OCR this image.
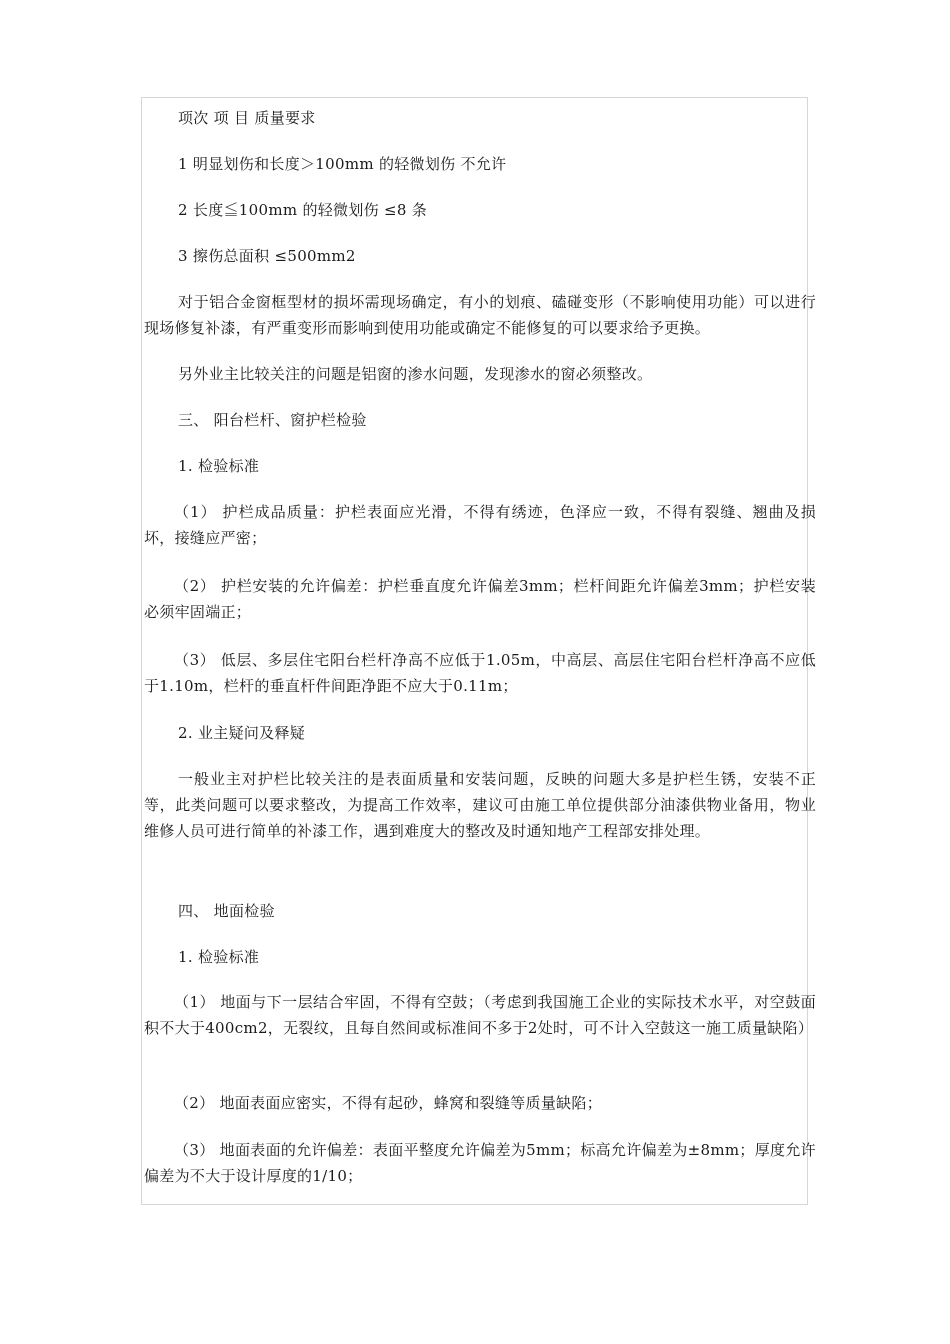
项次 项 目 质量要求
1 明显划伤和长度＞100mm 的轻微划伤 不允许
2 长度≦100mm 的轻微划伤 ≤8 条
3 擦伤总面积 ≤500mm2
对于铝合金窗框型材的损坏需现场确定，有小的划痕、磕碰变形（不影响使用功能）可以进行现场修复补漆，有严重变形而影响到使用功能或确定不能修复的可以要求给予更换。
另外业主比较关注的问题是铝窗的渗水问题，发现渗水的窗必须整改。
三、 阳台栏杆、窗护栏检验
1. 检验标准
（1） 护栏成品质量：护栏表面应光滑，不得有绣迹，色泽应一致，不得有裂缝、翘曲及损坏，接缝应严密；
（2） 护栏安装的允许偏差：护栏垂直度允许偏差3mm；栏杆间距允许偏差3mm；护栏安装必须牢固端正；
（3） 低层、多层住宅阳台栏杆净高不应低于1.05m，中高层、高层住宅阳台栏杆净高不应低于1.10m，栏杆的垂直杆件间距净距不应大于0.11m；
2. 业主疑问及释疑
一般业主对护栏比较关注的是表面质量和安装问题，反映的问题大多是护栏生锈，安装不正等，此类问题可以要求整改，为提高工作效率，建议可由施工单位提供部分油漆供物业备用，物业维修人员可进行简单的补漆工作，遇到难度大的整改及时通知地产工程部安排处理。
四、 地面检验
1. 检验标准
（1） 地面与下一层结合牢固，不得有空鼓；（考虑到我国施工企业的实际技术水平，对空鼓面积不大于400cm2，无裂纹，且每自然间或标准间不多于2处时，可不计入空鼓这一施工质量缺陷）
（2） 地面表面应密实，不得有起砂，蜂窝和裂缝等质量缺陷；
（3） 地面表面的允许偏差：表面平整度允许偏差为5mm；标高允许偏差为±8mm；厚度允许偏差为不大于设计厚度的1/10；
